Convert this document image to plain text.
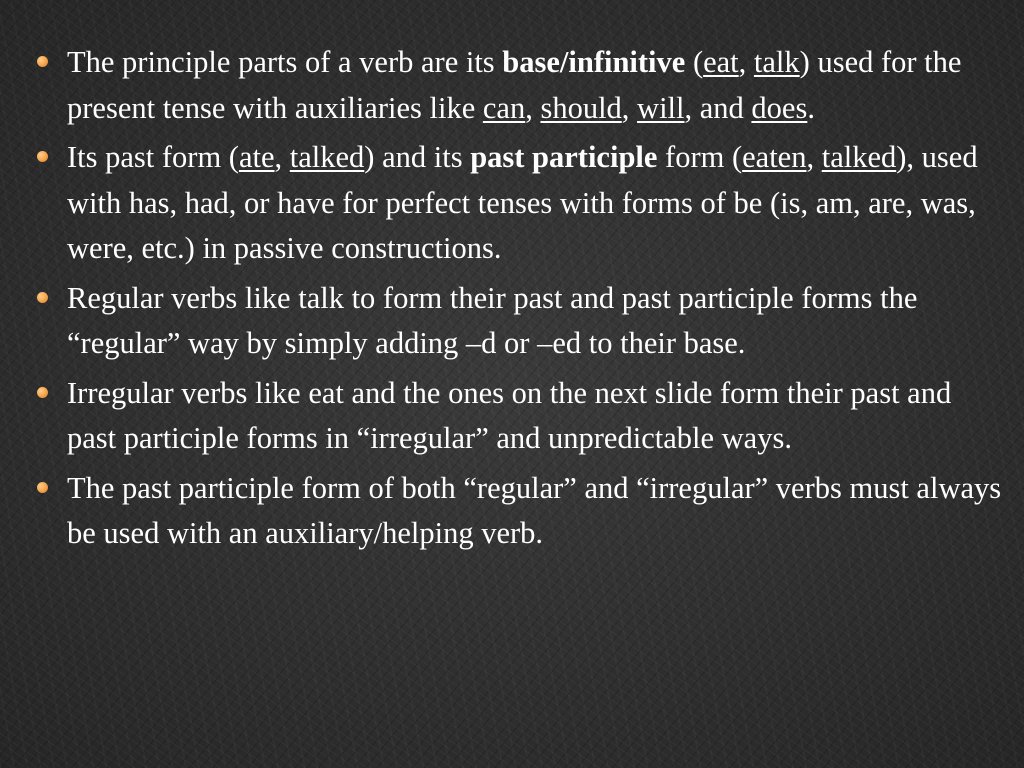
The principle parts of a verb are its base/infinitive (eat, talk) used for the present tense with auxiliaries like can, should, will, and does.
Its past form (ate, talked) and its past participle form (eaten, talked), used with has, had, or have for perfect tenses with forms of be (is, am, are, was, were, etc.) in passive constructions.
Regular verbs like talk to form their past and past participle forms the “regular” way by simply adding –d or –ed to their base.
Irregular verbs like eat and the ones on the next slide form their past and past participle forms in “irregular” and unpredictable ways.
The past participle form of both “regular” and “irregular” verbs must always be used with an auxiliary/helping verb.
